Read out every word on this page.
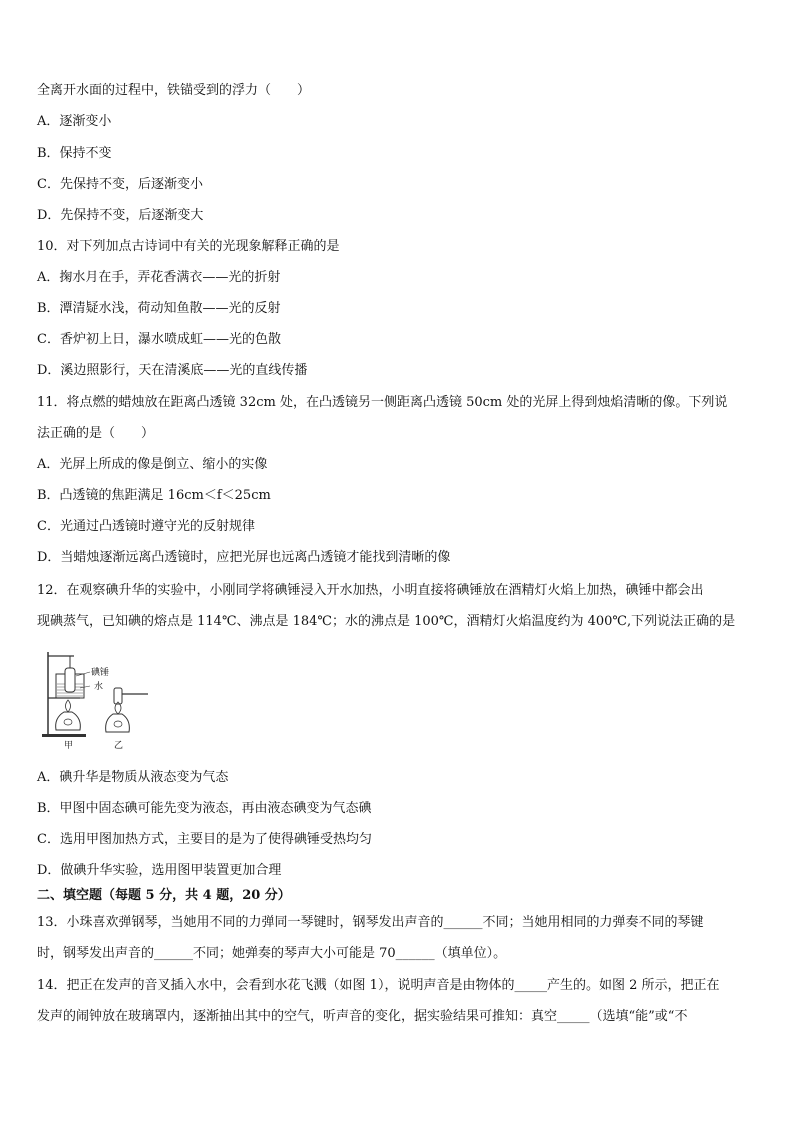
全离开水面的过程中，铁锚受到的浮力（　　）
A．逐渐变小
B．保持不变
C．先保持不变，后逐渐变小
D．先保持不变，后逐渐变大
10．对下列加点古诗词中有关的光现象解释正确的是
A．掬水月在手，弄花香满衣——光的折射
B．潭清疑水浅，荷动知鱼散——光的反射
C．香炉初上日，瀑水喷成虹——光的色散
D．溪边照影行，天在清溪底——光的直线传播
11．将点燃的蜡烛放在距离凸透镜 32cm 处，在凸透镜另一侧距离凸透镜 50cm 处的光屏上得到烛焰清晰的像。下列说
法正确的是（　　）
A．光屏上所成的像是倒立、缩小的实像
B．凸透镜的焦距满足 16cm＜f＜25cm
C．光通过凸透镜时遵守光的反射规律
D．当蜡烛逐渐远离凸透镜时，应把光屏也远离凸透镜才能找到清晰的像
12．在观察碘升华的实验中，小刚同学将碘锤浸入开水加热，小明直接将碘锤放在酒精灯火焰上加热，碘锤中都会出
现碘蒸气，已知碘的熔点是 114℃、沸点是 184℃；水的沸点是 100℃，酒精灯火焰温度约为 400℃,下列说法正确的是
碘锤
水
甲	乙
A．碘升华是物质从液态变为气态
B．甲图中固态碘可能先变为液态，再由液态碘变为气态碘
C．选用甲图加热方式，主要目的是为了使得碘锤受热均匀
D．做碘升华实验，选用图甲装置更加合理
二、填空题（每题 5 分，共 4 题，20 分）
13．小珠喜欢弹钢琴，当她用不同的力弹同一琴键时，钢琴发出声音的______不同；当她用相同的力弹奏不同的琴键
时，钢琴发出声音的______不同；她弹奏的琴声大小可能是 70______（填单位）。
14．把正在发声的音叉插入水中，会看到水花飞溅（如图 1），说明声音是由物体的_____产生的。如图 2 所示，把正在
发声的闹钟放在玻璃罩内，逐渐抽出其中的空气，听声音的变化，据实验结果可推知：真空_____（选填“能”或“不
